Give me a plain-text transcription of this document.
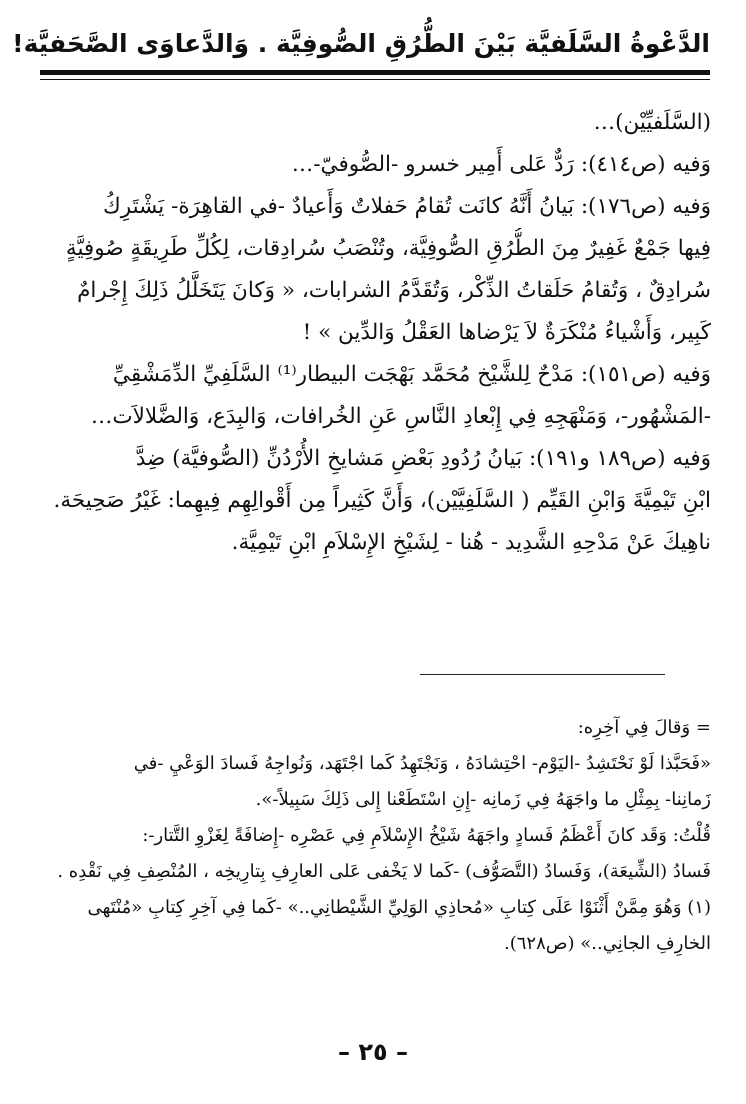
الدَّعْوةُ السَّلَفيَّة بَيْنَ الطُّرُقِ الصُّوفِيَّة . وَالدَّعاوَى الصَّحَفيَّة!
(السَّلَفيِّيْن)…
وَفيه (ص٤١٤): رَدٌّ عَلى أَمِير خسرو -الصُّوفيّ-…
وَفيه (ص١٧٦): بَيانُ أَنَّهُ كانَت تُقامُ حَفلاتٌ وَأَعيادٌ -في القاهِرَة- يَشْتَرِكُ
فِيها جَمْعٌ غَفِيرٌ مِنَ الطُّرُقِ الصُّوفِيَّة، وتُنْصَبُ سُرادِقات، لِكُلِّ طَرِيقَةٍ صُوفِيَّةٍ
سُرادِقٌ ، وَتُقامُ حَلَقاتُ الذِّكْر، وَتُقَدَّمُ الشرابات، « وَكانَ يَتَخَلَّلُ ذَلِكَ إِجْرامٌ
كَبِير، وَأَشْياءُ مُنْكَرَةٌ لاَ يَرْضاها العَقْلُ وَالدِّين » !
وَفيه (ص١٥١): مَدْحٌ لِلشَّيْخ مُحَمَّد بَهْجَت البيطار⁽¹⁾ السَّلَفِيِّ الدِّمَشْقِيِّ
-المَشْهُور-، وَمَنْهَجِهِ فِي إِبْعادِ النَّاسِ عَنِ الخُرافات، وَالبِدَع، وَالضَّلالاَت…
وَفيه (ص١٨٩ و١٩١): بَيانُ رُدُودِ بَعْضِ مَشايخِ الأُرْدُنِّ (الصُّوفيَّة) ضِدَّ
ابْنِ تَيْمِيَّةَ وَابْنِ القَيِّم ( السَّلَفِيَّيْن)، وَأَنَّ كَثِيراً مِن أَقْوالِهِم فِيهِما: غَيْرُ صَحِيحَة.
ناهِيكَ عَنْ مَدْحِهِ الشَّدِيد - هُنا - لِشَيْخِ الإِسْلاَمِ ابْنِ تَيْمِيَّة.
= وَقالَ فِي آخِرِه:
«فَحَبَّذا لَوْ نَحْتَشِدُ -اليَوْم- احْتِشادَهُ ، وَنَجْتَهِدُ كَما اجْتَهَد، وَنُواجِهُ فَسادَ الوَعْيِ -في
زَمانِنا- بِمِثْلِ ما واجَهَهُ فِي زَمانِه -إِنِ اسْتَطَعْنا إِلى ذَلِكَ سَبِيلاً-».
قُلْتُ: وَقَد كانَ أَعْظَمُ فَسادٍ واجَهَهُ شَيْخُ الإِسْلاَمِ فِي عَصْرِه -إِضافَةً لِغَزْوِ التَّتار-:
فَسادُ (الشِّيعَة)، وَفَسادُ (التَّصَوُّف) -كَما لا يَخْفى عَلى العارِفِ بِتارِيخِه ، المُنْصِفِ فِي نَقْدِه .
(١) وَهُوَ مِمَّنْ أَثْنَوْا عَلَى كِتابِ «مُحاذِي الوَلِيِّ الشَّيْطانِي..» -كَما فِي آخِرِ كِتابِ «مُنْتَهى
الخارِفِ الجانِي..» (ص٦٢٨).
– ٢٥ –
